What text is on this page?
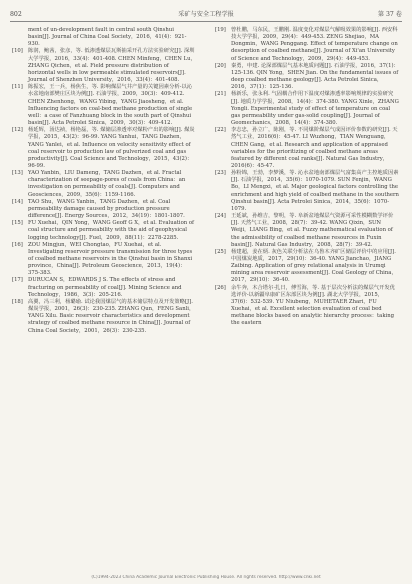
802	采矿与安全工程学报	第 37 卷

ment of un-development fault in central south Qinshui basin[J]. Journal of China Coal Society，2016，41(4)：921-930.

[10] 陈润，鲍茜，张彦，等. 低渗透煤层瓦斯抽采开孔方法实验研究[J]. 深圳大学学报，2016，33(4)：401-408. CHEN Minfeng，CHEN Lu，ZHANG Qichen，et al. Field pressure distribution of horizontal wells in low permeable stimulated reservoirs[J]. Journal of Shenzhen University，2016，33(4)：401-408.

[11] 陈振宏，王一兵，杨焦生，等. 影响煤层气井产量的关键因素分析-以沁水盆地南部樊庄区块为例[J]. 石油学报，2009，30(3)：409-412. CHEN Zhenhong，WANG Yibing，YANG Jiaosheng，et al. Influencing factors on coal-bed methane production of single well：a case of Fanzhuang block in the south part of Qinshui basin[J]. Acta Petrolei Sinica，2009，30(3)：409-412.

[12] 杨延辉，汤达祯，杨艳磊，等. 煤储层渗透率对煤粉产出的影响[J]. 煤炭学报，2015，43(2)：96-99. YANG Yanhui，TANG Dazhen，YANG Yanlei，et al. Influence on velocity sensitivity effect of coal reservoir to production law of pulverized coal and gas productivity[J]. Coal Science and Technology，2015，43(2)：96-99.

[13] YAO Yanbin，LIU Dameng，TANG Dazhen，et al. Fractal characterization of seepage-pores of coals from China：an investigation on permeability of coals[J]. Computers and Geosciences，2009，35(6)：1159-1166.

[14] TAO Shu，WANG Yanbin，TANG Dazhen，et al. Coal permeability damage caused by production pressure difference[J]. Energy Sources，2012，34(19)：1801-1807.

[15] FU Xuehai，QIN Yong，WANG Geoff G X，et al. Evaluation of coal structure and permeability with the aid of geophysical logging technology[J]. Fuel，2009，88(11)：2278-2285.

[16] ZOU Mingjun，WEI Chongtao，FU Xuehai，et al. Investigating reservoir pressure transmission for three types of coalbed methane reservoirs in the Qinshui basin in Shanxi province，China[J]. Petroleum Geoscience，2013，19(4)：375-383.

[17] DURUCAN S，EDWARDS J S. The effects of stress and fracturing on permeability of coal[J]. Mining Science and Technology，1986，3(3)：205-216.

[18] 高翼，冯三利，杨璐瑜. 试论我国煤层气的基本储层特点及开发策略[J]. 煤炭学报，2001，26(3)：230-235. ZHANG Qun，FENG Sanli，YANG Xilu. Basic reservoir characteristics and development strategy of coalbed methane resource in China[J]. Journal of China Coal Society，2001，26(3)：230-235.

[19] 曾杜鹏，马东民，王鹏刚. 温度变化对煤层气解吸效果的影响[J]. 西安科技大学学报，2009，29(4)：449-453. ZENG Shejiao，MA Dongmin，WANG Penggang. Effect of temperature change on desorption of coalbed methane[J]. Journal of Xi'an University of Science and Technology，2009，29(4)：449-453.

[20] 秦勇，申建. 论深部煤层气基本地质问题[J]. 石油学报，2016，37(1)：125-136. QIN Yong，SHEN Jian. On the fundamental issues of deep coalbed methane geology[J]. Acta Petrolei Sinica，2016，37(1)：125-136.

[21] 杨新乐，张永利. 气固耦合作用下温度对煤渗透率影响规律的实验研究[J]. 地质力学学报，2008，14(4)：374-380. YANG Xinle，ZHANG Yongli. Experimental study of effect of temperature on coal gas permeability under gas-solid coupling[J]. Journal of Geomechanics，2008，14(4)：374-380.

[22] 李志忠，孙立广，陈刚，等. 不同煤阶煤层气成因评价参数的研究[J]. 天然气工业，2016(6)：45-47. LI Wuzhong，TIAN Wenguang，CHEN Gang，et al. Research and application of appraised variables for the prioritizing of coalbed methane areas featured by different coal ranks[J]. Natural Gas Industry，2016(6)：45-47.

[23] 孙粉锦，王勃，李梦溪，等. 沁水盆地南部煤层气富集高产主控地质因素[J]. 石油学报，2014，35(6)：1070-1079. SUN Fenjin，WANG Bo，LI Mengxi，et al. Major geological factors controlling the enrichment and high yield of coalbed methane in the southern Qinshui basin[J]. Acta Petrolei Sinica，2014，35(6)：1070-1079.

[24] 王延斌，孙维吉，黎明，等. 阜新盆地煤层气资源可采性模糊数学评价[J]. 天然气工业，2008，28(7)：39-42. WANG Qixin，SUN Weiji，LIANG Bing，et al. Fuzzy mathematical evaluation of the admissibility of coalbed methane resources in Fuxin basin[J]. Natural Gas Industry，2008，28(7)：39-42.

[25] 杨建超，姜在炳. 灰色关联分析法在乌鲁木齐矿区储层评价中的应用[J]. 中国煤炭地质，2017，29(10)：36-40. YANG Jianchao，JIANG Zaibing. Application of grey relational analysis in Urumqi mining area reservoir assessment[J]. Coal Geology of China，2017，29(10)：36-40.

[26] 余牛奔，木合塔尔·扎日，傅雪海，等. 基于层次分析法的煤层气开发优选评价-以新疆阜康矿区东部区块为例[J]. 湖北大学学报，2015，37(6)：532-539. YU Niubeng，MUHETAER Zhari，FU Xuehai，et al. Excellent selection evaluation of coal bed methane blocks based on analytic hierarchy process：taking the eastern

(C)1994-2023 China Academic Journal Electronic Publishing House. All rights reserved. http://www.cnki.net
